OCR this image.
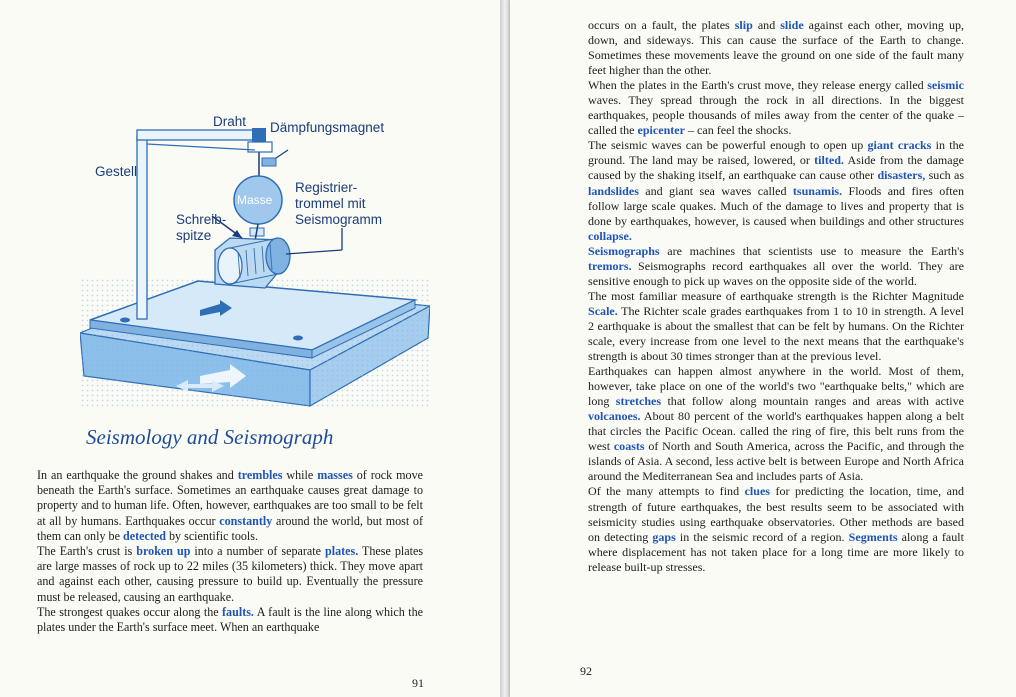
Draht Dämpfungsmagnet
Gestell
Masse
Registrier-
trommel mit
Seismogramm
Schreib-
spitze
Seismology and Seismograph

In an earthquake the ground shakes and trembles while masses of rock move beneath the Earth's surface. Sometimes an earthquake causes great damage to property and to human life. Often, however, earthquakes are too small to be felt at all by humans. Earthquakes occur constantly around the world, but most of them can only be detected by scientific tools.

The Earth's crust is broken up into a number of separate plates. These plates are large masses of rock up to 22 miles (35 kilometers) thick. They move apart and against each other, causing pressure to build up. Eventually the pressure must be released, causing an earthquake.

The strongest quakes occur along the faults. A fault is the line along which the plates under the Earth's surface meet. When an earthquake

91

occurs on a fault, the plates slip and slide against each other, moving up, down, and sideways. This can cause the surface of the Earth to change. Sometimes these movements leave the ground on one side of the fault many feet higher than the other.

When the plates in the Earth's crust move, they release energy called seismic waves. They spread through the rock in all directions. In the biggest earthquakes, people thousands of miles away from the center of the quake – called the epicenter – can feel the shocks.

The seismic waves can be powerful enough to open up giant cracks in the ground. The land may be raised, lowered, or tilted. Aside from the damage caused by the shaking itself, an earthquake can cause other disasters, such as landslides and giant sea waves called tsunamis. Floods and fires often follow large scale quakes. Much of the damage to lives and property that is done by earthquakes, however, is caused when buildings and other structures collapse.

Seismographs are machines that scientists use to measure the Earth's tremors. Seismographs record earthquakes all over the world. They are sensitive enough to pick up waves on the opposite side of the world.

The most familiar measure of earthquake strength is the Richter Magnitude Scale. The Richter scale grades earthquakes from 1 to 10 in strength. A level 2 earthquake is about the smallest that can be felt by humans. On the Richter scale, every increase from one level to the next means that the earthquake's strength is about 30 times stronger than at the previous level.

Earthquakes can happen almost anywhere in the world. Most of them, however, take place on one of the world's two "earthquake belts," which are long stretches that follow along mountain ranges and areas with active volcanoes. About 80 percent of the world's earthquakes happen along a belt that circles the Pacific Ocean. called the ring of fire, this belt runs from the west coasts of North and South America, across the Pacific, and through the islands of Asia. A second, less active belt is between Europe and North Africa around the Mediterranean Sea and includes parts of Asia.

Of the many attempts to find clues for predicting the location, time, and strength of future earthquakes, the best results seem to be associated with seismicity studies using earthquake observatories. Other methods are based on detecting gaps in the seismic record of a region. Segments along a fault where displacement has not taken place for a long time are more likely to release built-up stresses.

92
